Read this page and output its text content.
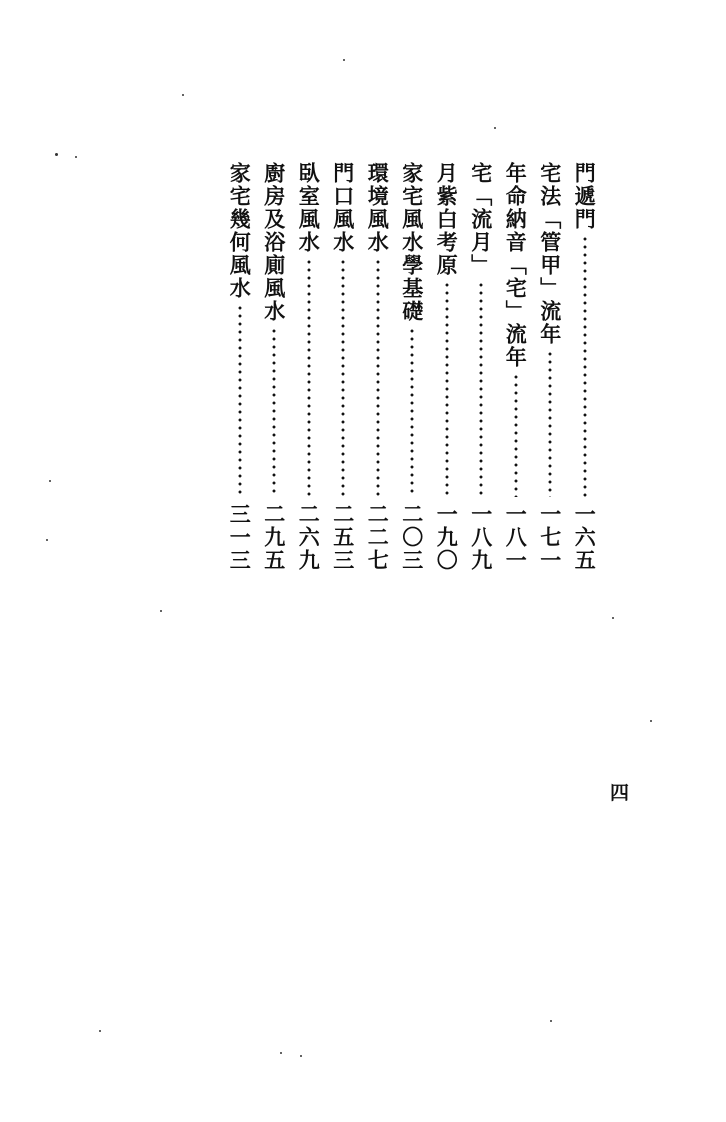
門遞門
一六五
宅法「管甲」流年
一七一
年命納音「宅」流年
一八一
宅「流月」
一八九
月紫白考原
一九〇
家宅風水學基礎
二〇三
環境風水
二二七
門口風水
二五三
臥室風水
二六九
廚房及浴廁風水
二九五
家宅幾何風水
三一三
四
